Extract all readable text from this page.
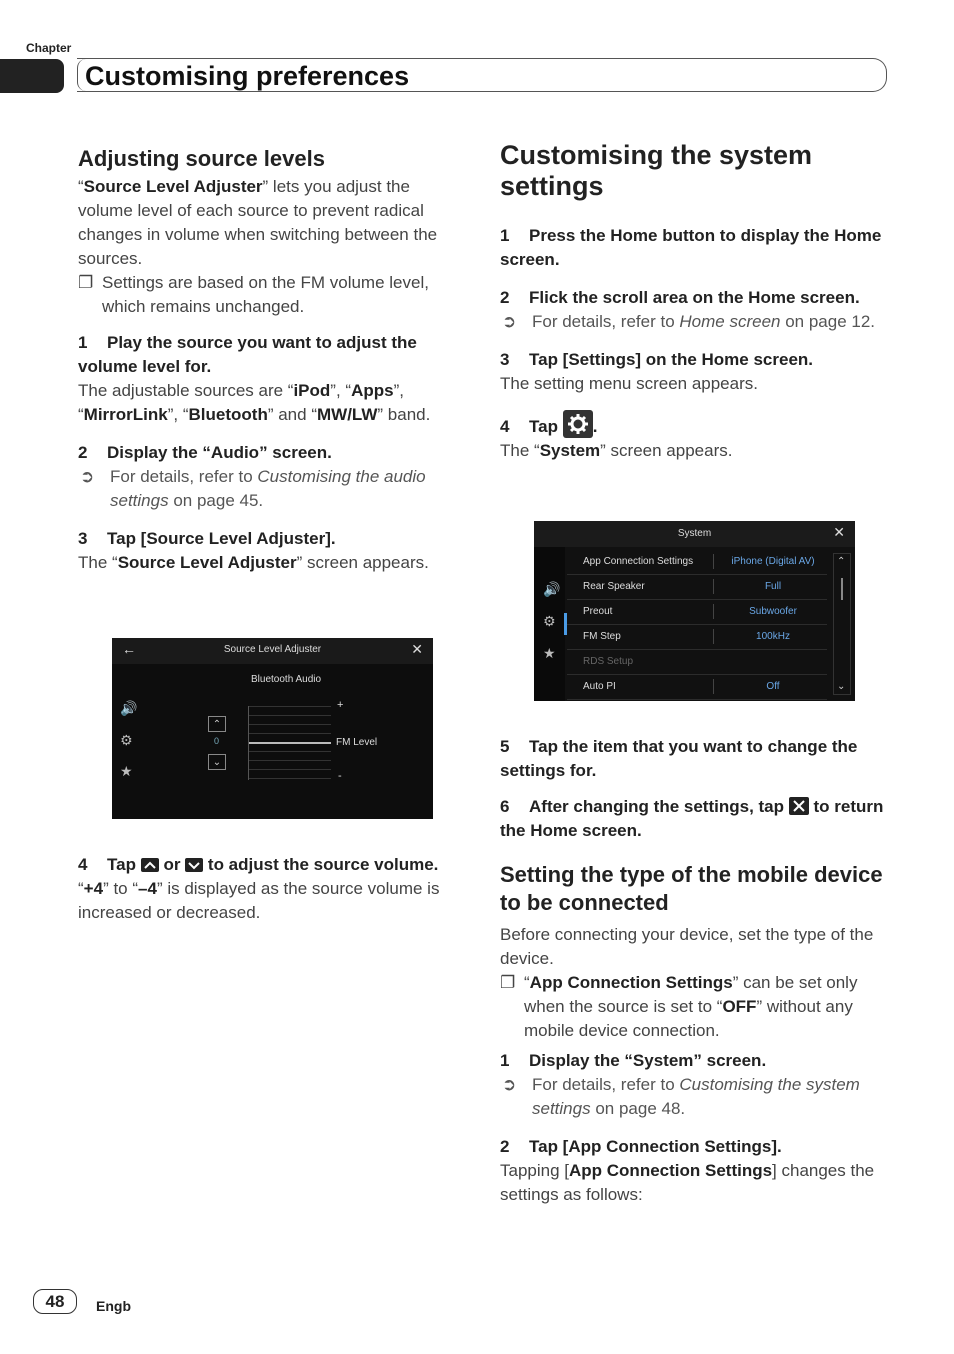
Chapter
Customising preferences
Adjusting source levels

“Source Level Adjuster” lets you adjust the volume level of each source to prevent radical changes in volume when switching between the sources.

❐ Settings are based on the FM volume level, which remains unchanged.

1 Play the source you want to adjust the volume level for.

The adjustable sources are “iPod”, “Apps”, “MirrorLink”, “Bluetooth” and “MW/LW” band.

2 Display the “Audio” screen.

➲ For details, refer to Customising the audio settings on page 45.

3 Tap [Source Level Adjuster].

The “Source Level Adjuster” screen appears.

←	Source Level Adjuster	✕
Bluetooth Audio
🔊
⚙
★
⌃
0
⌄
+
FM Level
-

4 Tap or to adjust the source volume.

“+4” to “–4” is displayed as the source volume is increased or decreased.

Customising the system settings

1 Press the Home button to display the Home screen.

2 Flick the scroll area on the Home screen.

➲ For details, refer to Home screen on page 12.

3 Tap [Settings] on the Home screen.

The setting menu screen appears.

4 Tap .

The “System” screen appears.

System	✕
🔊
⚙
★
App Connection Settings	iPhone (Digital AV)
Rear Speaker	Full
Preout	Subwoofer
FM Step	100kHz
RDS Setup
Auto PI	Off
⌃
⌄

5 Tap the item that you want to change the settings for.

6 After changing the settings, tap to return the Home screen.

Setting the type of the mobile device to be connected

Before connecting your device, set the type of the device.

❐ “App Connection Settings” can be set only when the source is set to “OFF” without any mobile device connection.

1 Display the “System” screen.

➲ For details, refer to Customising the system settings on page 48.

2 Tap [App Connection Settings].

Tapping [App Connection Settings] changes the settings as follows:

48	Engb
